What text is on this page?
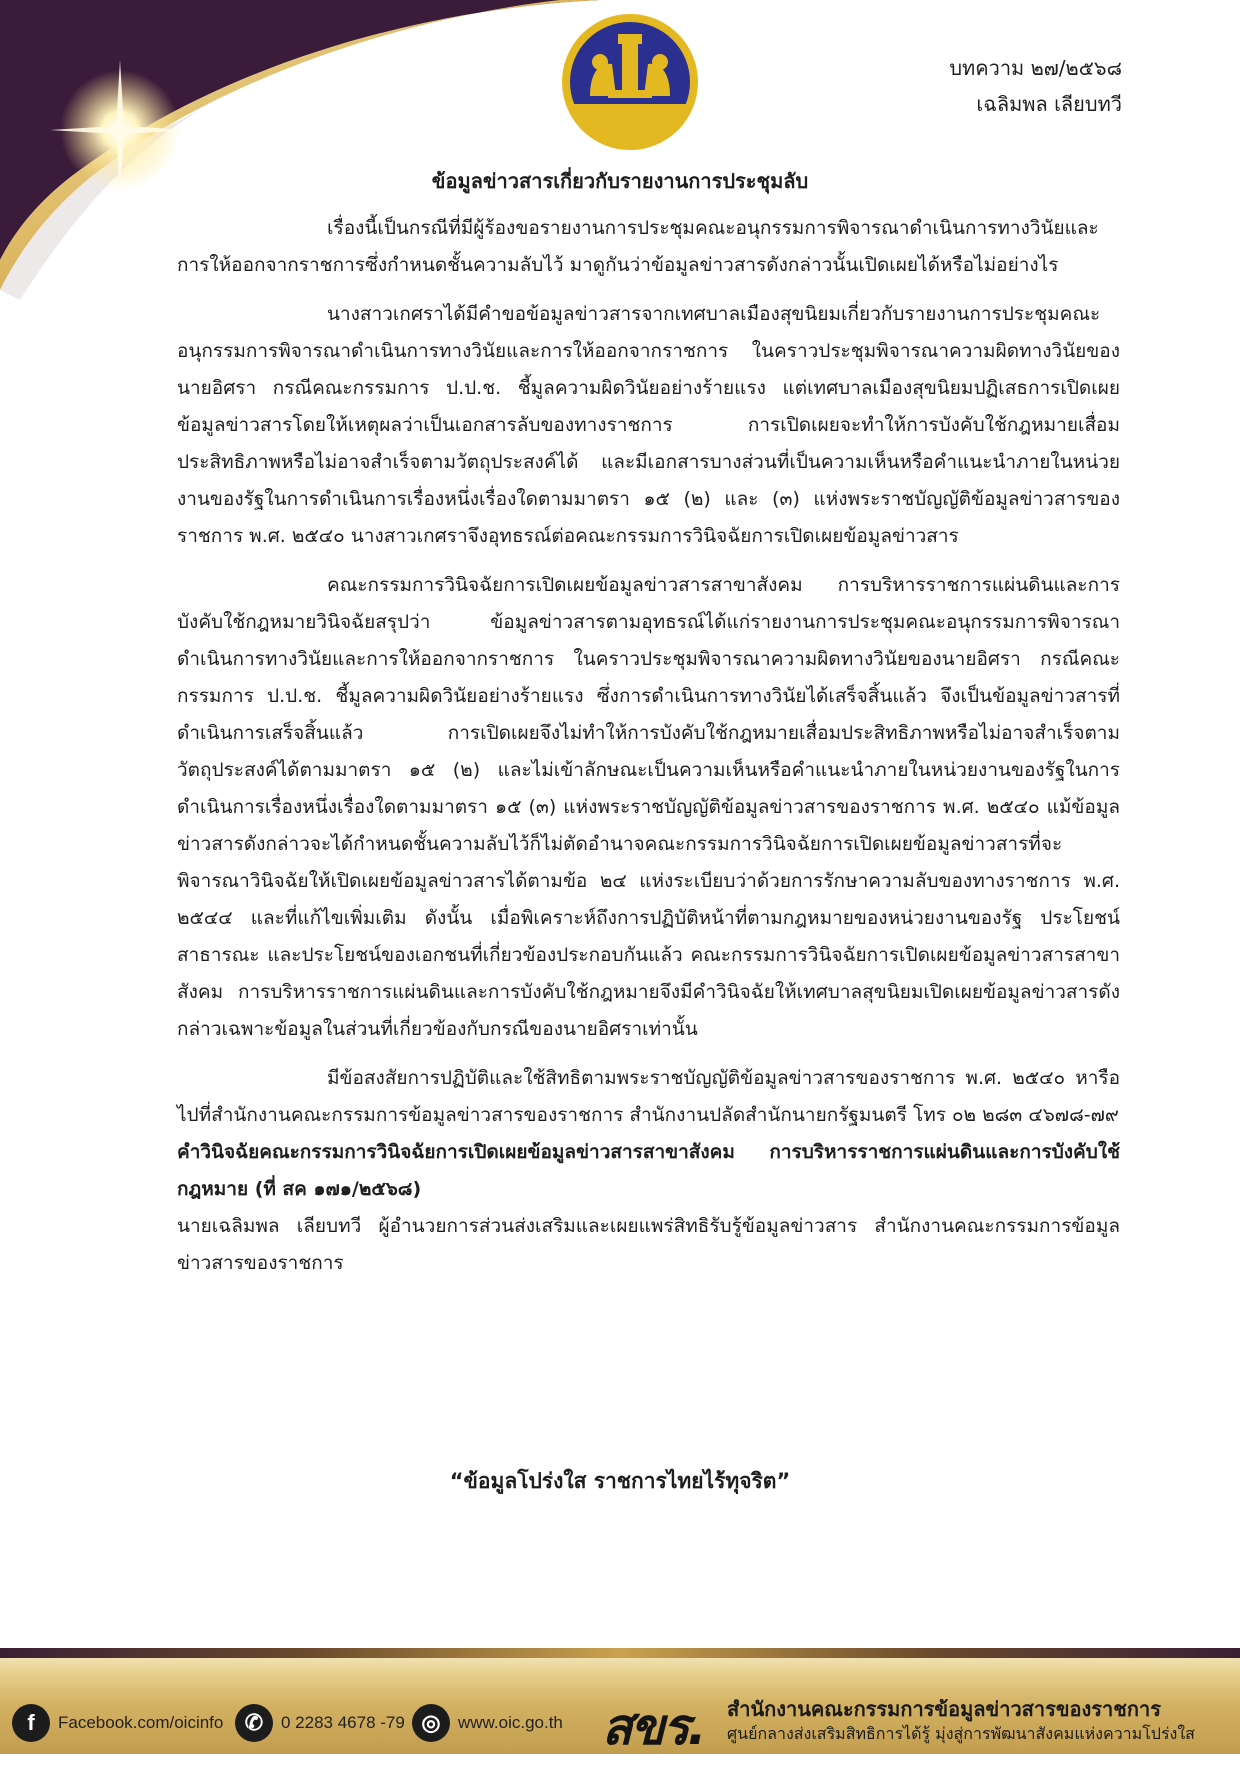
บทความ ๒๗/๒๕๖๘
เฉลิมพล เลียบทวี
ข้อมูลข่าวสารเกี่ยวกับรายงานการประชุมลับ

เรื่องนี้เป็นกรณีที่มีผู้ร้องขอรายงานการประชุมคณะอนุกรรมการพิจารณาดำเนินการทางวินัยและการให้ออกจากราชการซึ่งกำหนดชั้นความลับไว้ มาดูกันว่าข้อมูลข่าวสารดังกล่าวนั้นเปิดเผยได้หรือไม่อย่างไร

นางสาวเกศราได้มีคำขอข้อมูลข่าวสารจากเทศบาลเมืองสุขนิยมเกี่ยวกับรายงานการประชุมคณะอนุกรรมการพิจารณาดำเนินการทางวินัยและการให้ออกจากราชการ ในคราวประชุมพิจารณาความผิดทางวินัยของนายอิศรา กรณีคณะกรรมการ ป.ป.ช. ชี้มูลความผิดวินัยอย่างร้ายแรง แต่เทศบาลเมืองสุขนิยมปฏิเสธการเปิดเผยข้อมูลข่าวสารโดยให้เหตุผลว่าเป็นเอกสารลับของทางราชการ การเปิดเผยจะทำให้การบังคับใช้กฎหมายเสื่อมประสิทธิภาพหรือไม่อาจสำเร็จตามวัตถุประสงค์ได้ และมีเอกสารบางส่วนที่เป็นความเห็นหรือคำแนะนำภายในหน่วยงานของรัฐในการดำเนินการเรื่องหนึ่งเรื่องใดตามมาตรา ๑๕ (๒) และ (๓) แห่งพระราชบัญญัติข้อมูลข่าวสารของราชการ พ.ศ. ๒๕๔๐ นางสาวเกศราจึงอุทธรณ์ต่อคณะกรรมการวินิจฉัยการเปิดเผยข้อมูลข่าวสาร

คณะกรรมการวินิจฉัยการเปิดเผยข้อมูลข่าวสารสาขาสังคม การบริหารราชการแผ่นดินและการบังคับใช้กฎหมายวินิจฉัยสรุปว่า ข้อมูลข่าวสารตามอุทธรณ์ได้แก่รายงานการประชุมคณะอนุกรรมการพิจารณาดำเนินการทางวินัยและการให้ออกจากราชการ ในคราวประชุมพิจารณาความผิดทางวินัยของนายอิศรา กรณีคณะกรรมการ ป.ป.ช. ชี้มูลความผิดวินัยอย่างร้ายแรง ซึ่งการดำเนินการทางวินัยได้เสร็จสิ้นแล้ว จึงเป็นข้อมูลข่าวสารที่ดำเนินการเสร็จสิ้นแล้ว การเปิดเผยจึงไม่ทำให้การบังคับใช้กฎหมายเสื่อมประสิทธิภาพหรือไม่อาจสำเร็จตามวัตถุประสงค์ได้ตามมาตรา ๑๕ (๒) และไม่เข้าลักษณะเป็นความเห็นหรือคำแนะนำภายในหน่วยงานของรัฐในการดำเนินการเรื่องหนึ่งเรื่องใดตามมาตรา ๑๕ (๓) แห่งพระราชบัญญัติข้อมูลข่าวสารของราชการ พ.ศ. ๒๕๔๐ แม้ข้อมูลข่าวสารดังกล่าวจะได้กำหนดชั้นความลับไว้ก็ไม่ตัดอำนาจคณะกรรมการวินิจฉัยการเปิดเผยข้อมูลข่าวสารที่จะพิจารณาวินิจฉัยให้เปิดเผยข้อมูลข่าวสารได้ตามข้อ ๒๔ แห่งระเบียบว่าด้วยการรักษาความลับของทางราชการ พ.ศ. ๒๕๔๔ และที่แก้ไขเพิ่มเติม ดังนั้น เมื่อพิเคราะห์ถึงการปฏิบัติหน้าที่ตามกฎหมายของหน่วยงานของรัฐ ประโยชน์สาธารณะ และประโยชน์ของเอกชนที่เกี่ยวข้องประกอบกันแล้ว คณะกรรมการวินิจฉัยการเปิดเผยข้อมูลข่าวสารสาขาสังคม การบริหารราชการแผ่นดินและการบังคับใช้กฎหมายจึงมีคำวินิจฉัยให้เทศบาลสุขนิยมเปิดเผยข้อมูลข่าวสารดังกล่าวเฉพาะข้อมูลในส่วนที่เกี่ยวข้องกับกรณีของนายอิศราเท่านั้น

มีข้อสงสัยการปฏิบัติและใช้สิทธิตามพระราชบัญญัติข้อมูลข่าวสารของราชการ พ.ศ. ๒๕๔๐ หารือไปที่สำนักงานคณะกรรมการข้อมูลข่าวสารของราชการ สำนักงานปลัดสำนักนายกรัฐมนตรี โทร ๐๒ ๒๘๓ ๔๖๗๘-๗๙

คำวินิจฉัยคณะกรรมการวินิจฉัยการเปิดเผยข้อมูลข่าวสารสาขาสังคม การบริหารราชการแผ่นดินและการบังคับใช้กฎหมาย (ที่ สค ๑๗๑/๒๕๖๘)

นายเฉลิมพล เลียบทวี ผู้อำนวยการส่วนส่งเสริมและเผยแพร่สิทธิรับรู้ข้อมูลข่าวสาร สำนักงานคณะกรรมการข้อมูลข่าวสารของราชการ

“ข้อมูลโปร่งใส ราชการไทยไร้ทุจริต”
f	Facebook.com/oicinfo ✆	0 2283 4678 -79 ◎	www.oic.go.th สขร. สำนักงานคณะกรรมการข้อมูลข่าวสารของราชการ
ศูนย์กลางส่งเสริมสิทธิการได้รู้ มุ่งสู่การพัฒนาสังคมแห่งความโปร่งใส
